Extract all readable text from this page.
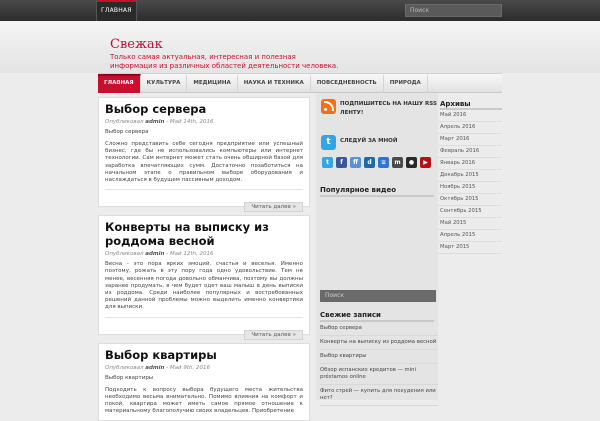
ГЛАВНАЯ	Поиск
Свежак
Только самая актуальная, интересная и полезная информация из различных областей деятельности человека.
ГЛАВНАЯ	КУЛЬТУРА	МЕДИЦИНА	НАУКА И ТЕХНИКА	ПОВСЕДНЕВНОСТЬ	ПРИРОДА
Выбор сервера
Опубликовал admin - Май 14th, 2016
Выбор сервера
Сложно представить себе сегодня предприятие или успешный бизнес, где бы не использовались компьютеры или интернет технологии. Сам интернет может стать очень обширной базой для заработка впечатляющих сумм. Достаточно позаботиться на начальном этапе о правильном выборе оборудования и наслаждаться в будущем пассивным доходом.
Читать далее »
Конверты на выписку из роддома весной
Опубликовал admin - Май 12th, 2016
Весна - это пора ярких эмоций, счастья и веселья. Именно поэтому, рожать в эту пору года одно удовольствие. Тем не менее, весенняя погода довольно обманчива, поэтому вы должны заранее продумать, в чем будет одет ваш малыш в день выписки из роддома. Среди наиболее популярных и востребованных решений данной проблемы можно выделить именно конвертики для выписки.
Читать далее »
Выбор квартиры
Опубликовал admin - Май 9th, 2016
Выбор квартиры
Подходить к вопросу выбора будущего места жительства необходимо весьма внимательно. Помимо влияния на комфорт и покой, квартира может иметь самое прямое отношение к материальному благополучию своих владельцев. Приобретение
ПОДПИШИТЕСЬ НА НАШУ RSS ЛЕНТУ!
t	СЛЕДУЙ ЗА МНОЙ
t	f	ff	d	≡	m	●	▶
Популярное видео
Поиск
Свежие записи
Выбор сервера
Конверты на выписку из роддома весной
Выбор квартиры
Обзор испанских кредитов — mini préstamos online
Фито стрей — купить для похудения или нет?
Архивы
Май 2016
Апрель 2016
Март 2016
Февраль 2016
Январь 2016
Декабрь 2015
Ноябрь 2015
Октябрь 2015
Сентябрь 2015
Май 2015
Апрель 2015
Март 2015
